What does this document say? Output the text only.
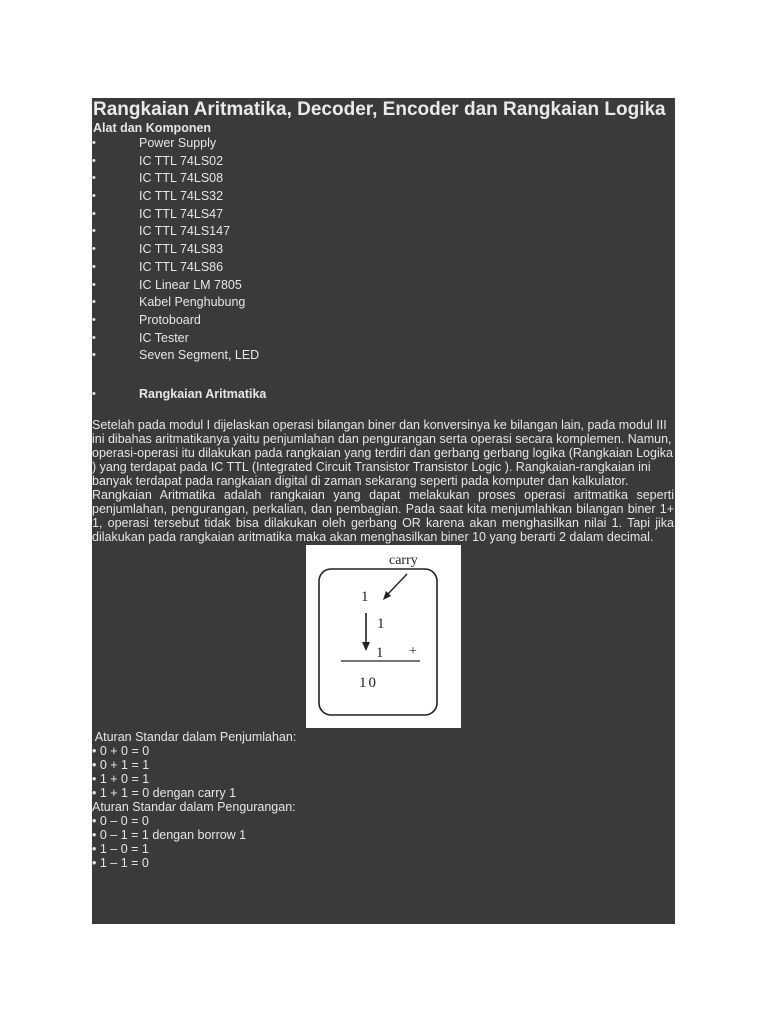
Rangkaian Aritmatika, Decoder, Encoder dan Rangkaian Logika
Alat dan Komponen
•	Power Supply
•	IC TTL 74LS02
•	IC TTL 74LS08
•	IC TTL 74LS32
•	IC TTL 74LS47
•	IC TTL 74LS147
•	IC TTL 74LS83
•	IC TTL 74LS86
•	IC Linear LM 7805
•	Kabel Penghubung
•	Protoboard
•	IC Tester
•	Seven Segment, LED
•	Rangkaian Aritmatika

Setelah pada modul I dijelaskan operasi bilangan biner dan konversinya ke bilangan lain, pada modul III ini dibahas aritmatikanya yaitu penjumlahan dan pengurangan serta operasi secara komplemen. Namun, operasi-operasi itu dilakukan pada rangkaian yang terdiri dan gerbang gerbang logika (Rangkaian Logika ) yang terdapat pada IC TTL (Integrated Circuit Transistor Transistor Logic ). Rangkaian-rangkaian ini banyak terdapat pada rangkaian digital di zaman sekarang seperti pada komputer dan kalkulator.

Rangkaian Aritmatika adalah rangkaian yang dapat melakukan proses operasi aritmatika seperti penjumlahan, pengurangan, perkalian, dan pembagian. Pada saat kita menjumlahkan bilangan biner 1+ 1, operasi tersebut tidak bisa dilakukan oleh gerbang OR karena akan menghasilkan nilai 1. Tapi jika dilakukan pada rangkaian aritmatika maka akan menghasilkan biner 10 yang berarti 2 dalam decimal.

carry
1
1
1 +
10
Aturan Standar dalam Penjumlahan:
• 0 + 0 = 0
• 0 + 1 = 1
• 1 + 0 = 1
• 1 + 1 = 0 dengan carry 1
Aturan Standar dalam Pengurangan:
• 0 – 0 = 0
• 0 – 1 = 1 dengan borrow 1
• 1 – 0 = 1
• 1 – 1 = 0
